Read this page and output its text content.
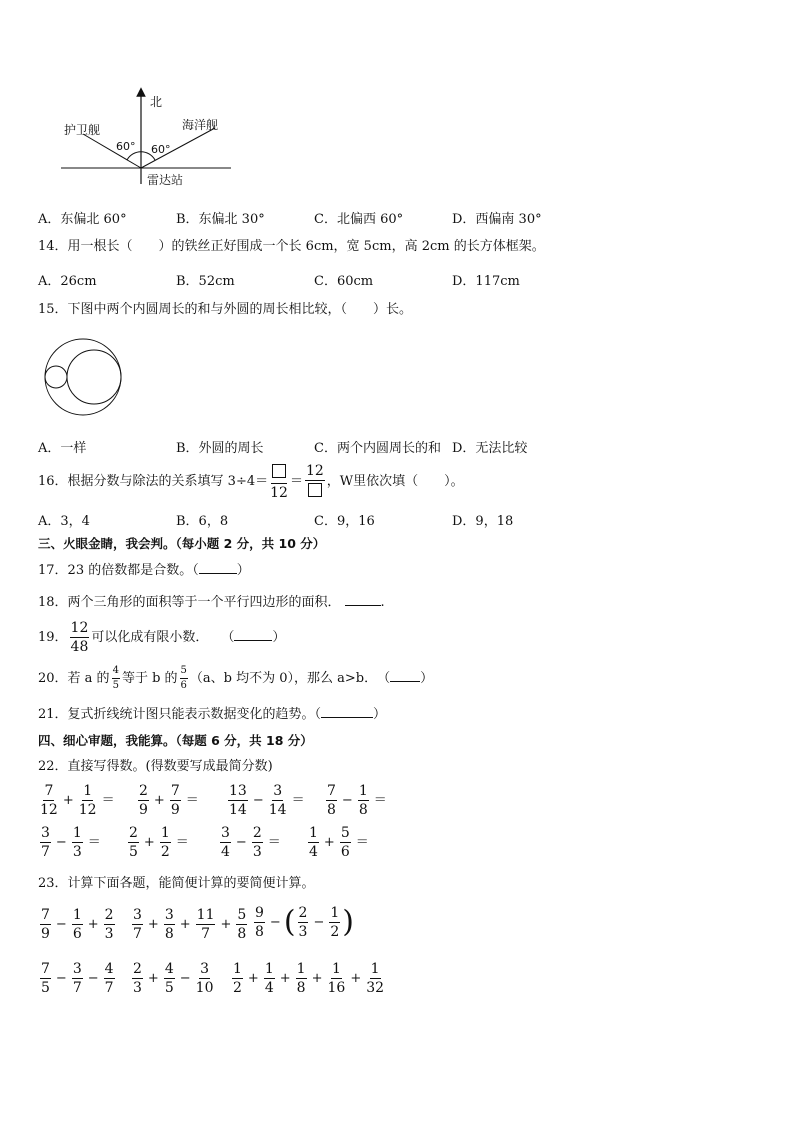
北
护卫舰	海洋舰
60° 60°
雷达站
A．东偏北 60°	B．东偏北 30°	C．北偏西 60°	D．西偏南 30°
14．用一根长（　　）的铁丝正好围成一个长 6cm，宽 5cm，高 2cm 的长方体框架。
A．26cm	B．52cm	C．60cm	D．117cm
15．下图中两个内圆周长的和与外圆的周长相比较，（　　）长。
A．一样	B．外圆的周长	C．两个内圆周长的和 D．无法比较
16．根据分数与除法的关系填写 3÷4＝
12
＝
12
，W里依次填（　　）。
A．3，4	B．6，8	C．9，16	D．9，18
三、火眼金睛，我会判。（每小题 2 分，共 10 分）
17．23 的倍数都是合数。（	）
18．两个三角形的面积等于一个平行四边形的面积．	.
19． $\frac{12}{48}$ 可以化成有限小数．　　（	）
20．若 a 的 $\frac{4}{5}$ 等于 b 的 $\frac{5}{6} (a$、b 均不为 0），那么 a>b．　（ ）
21．复式折线统计图只能表示数据变化的趋势。（	）
四、细心审题，我能算。（每题 6 分，共 18 分）
22．直接写得数。(得数要写成最简分数)
$\frac{7}{12} + \frac{1}{12} = \frac{2}{9} + \frac{7}{9} = \frac{13}{14} - \frac{3}{14} = \frac{7}{8} - \frac{1}{8}$ ＝
$\frac{3}{7} - \frac{1}{3} = \frac{2}{5} + \frac{1}{2} = \frac{3}{4} - \frac{2}{3} = \frac{1}{4} + \frac{5}{6}$ ＝
23．计算下面各题，能简便计算的要简便计算。
$\frac{7}{9} - \frac{1}{6} + \frac{2}{3} \frac{3}{7} + \frac{3}{8} + \frac{11}{7} + \frac{5}{8} \frac{9}{8}$ − ( $\frac{2}{3} - \frac{1}{2}$ )
$\frac{7}{5} - \frac{3}{7} - \frac{4}{7} \frac{2}{3} + \frac{4}{5} - \frac{3}{10} \frac{1}{2} + \frac{1}{4} + \frac{1}{8} + \frac{1}{16} + \frac{1}{32}$
